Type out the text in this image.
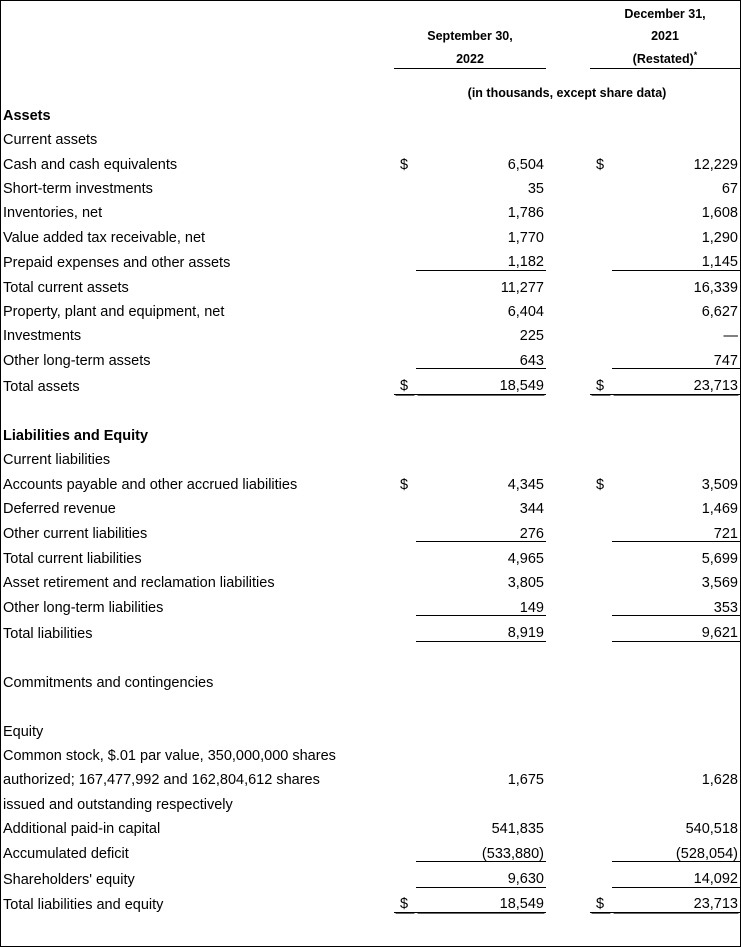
				December 31,	

	September 30,			2021	

	2022			(Restated)*

	(in thousands, except share data)				
Assets					
Current assets					
Cash and cash equivalents	$	6,504		$	12,229
Short-term investments		35			67
Inventories, net		1,786			1,608
Value added tax receivable, net		1,770			1,290
Prepaid expenses and other assets		1,182			1,145
Total current assets		11,277			16,339
Property, plant and equipment, net		6,404			6,627
Investments		225			—
Other long-term assets		643			747
Total assets	$	18,549		$	23,713

Liabilities and Equity					
Current liabilities					
Accounts payable and other accrued liabilities	$	4,345		$	3,509
Deferred revenue		344			1,469
Other current liabilities		276			721
Total current liabilities		4,965			5,699
Asset retirement and reclamation liabilities		3,805			3,569
Other long-term liabilities		149			353
Total liabilities		8,919			9,621

Commitments and contingencies					

Equity					
Common stock, $.01 par value, 350,000,000 shares					
authorized; 167,477,992 and 162,804,612 shares		1,675			1,628
issued and outstanding respectively					
Additional paid-in capital		541,835			540,518
Accumulated deficit		(533,880)			(528,054)
Shareholders' equity		9,630			14,092
Total liabilities and equity	$	18,549		$	23,713
